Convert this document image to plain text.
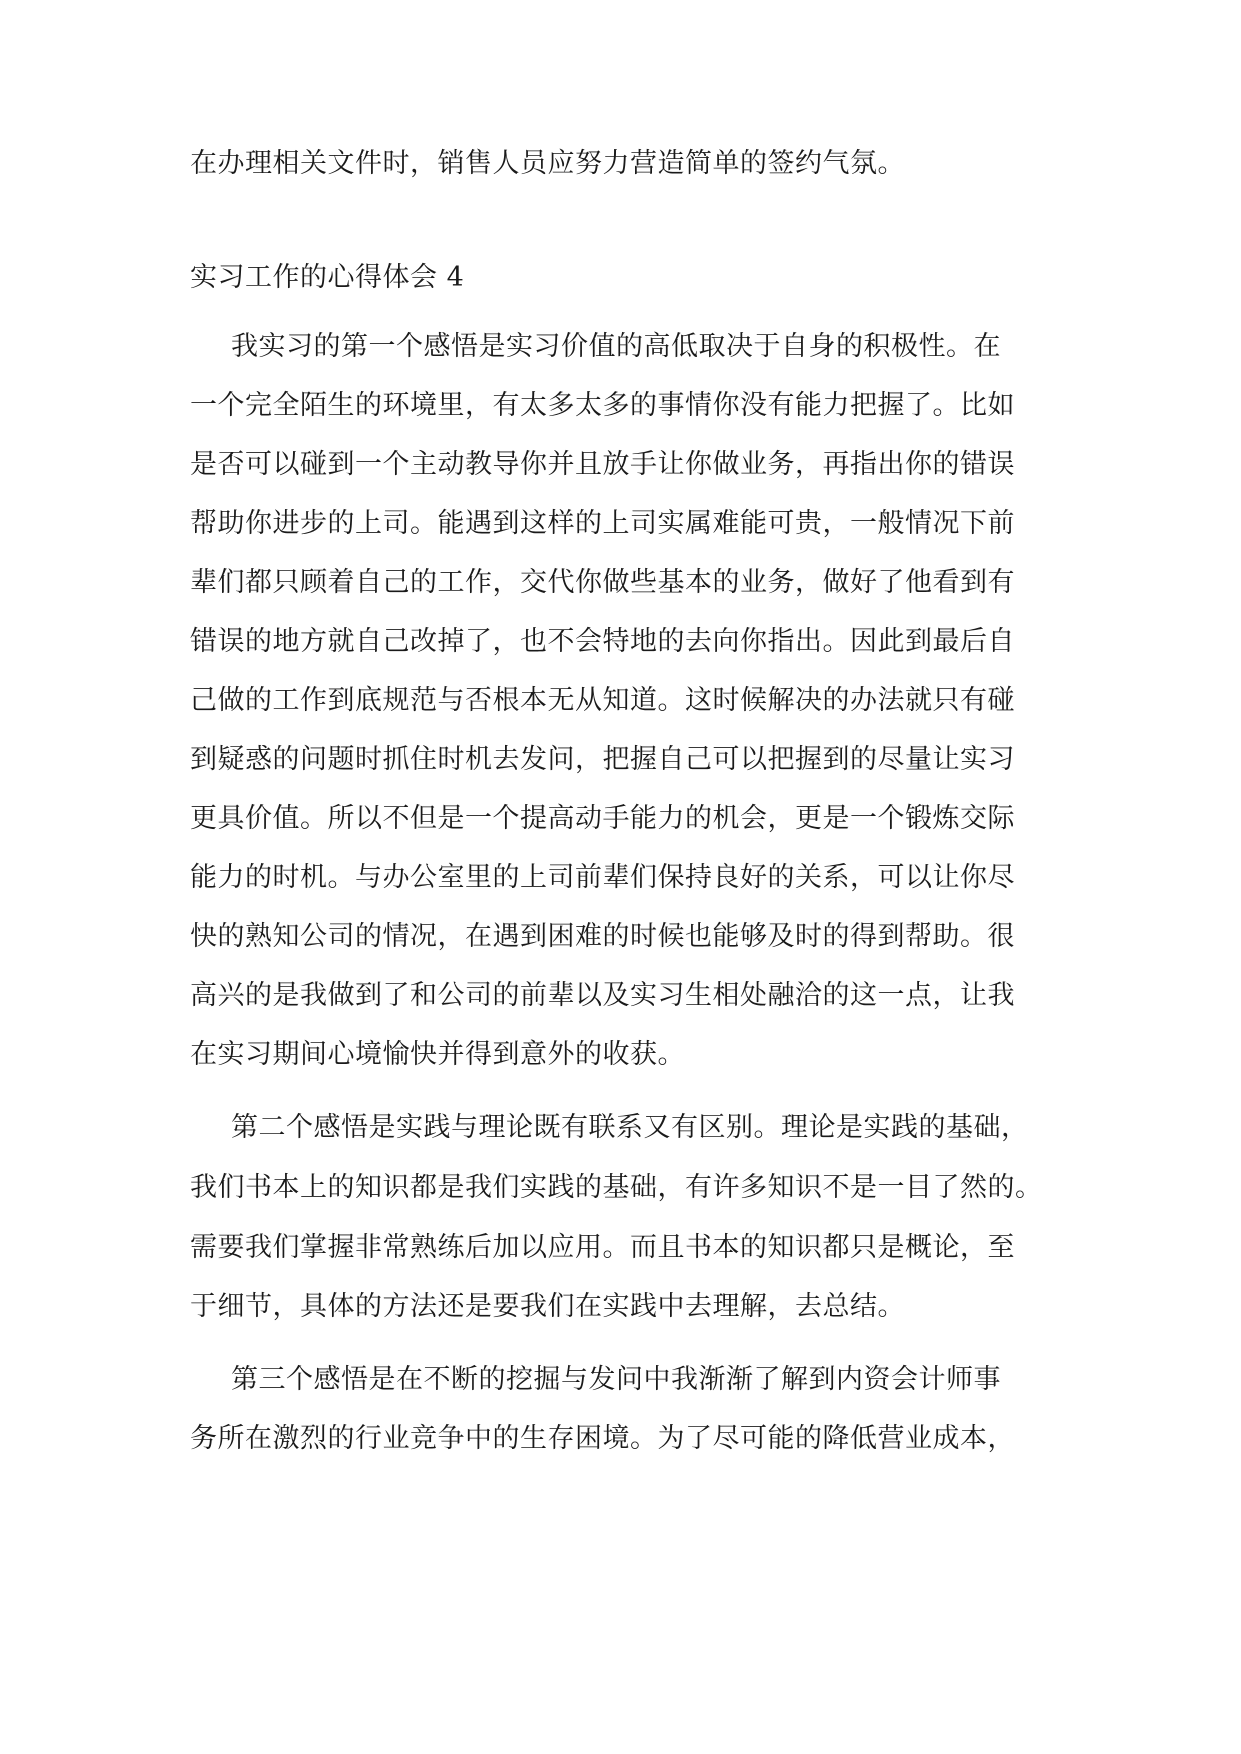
在办理相关文件时，销售人员应努力营造简单的签约气氛。
实习工作的心得体会 4
我实习的第一个感悟是实习价值的高低取决于自身的积极性。在
一个完全陌生的环境里，有太多太多的事情你没有能力把握了。比如
是否可以碰到一个主动教导你并且放手让你做业务，再指出你的错误
帮助你进步的上司。能遇到这样的上司实属难能可贵，一般情况下前
辈们都只顾着自己的工作，交代你做些基本的业务，做好了他看到有
错误的地方就自己改掉了，也不会特地的去向你指出。因此到最后自
己做的工作到底规范与否根本无从知道。这时候解决的办法就只有碰
到疑惑的问题时抓住时机去发问，把握自己可以把握到的尽量让实习
更具价值。所以不但是一个提高动手能力的机会，更是一个锻炼交际
能力的时机。与办公室里的上司前辈们保持良好的关系，可以让你尽
快的熟知公司的情况，在遇到困难的时候也能够及时的得到帮助。很
高兴的是我做到了和公司的前辈以及实习生相处融洽的这一点，让我
在实习期间心境愉快并得到意外的收获。
第二个感悟是实践与理论既有联系又有区别。理论是实践的基础，
我们书本上的知识都是我们实践的基础，有许多知识不是一目了然的。
需要我们掌握非常熟练后加以应用。而且书本的知识都只是概论，至
于细节，具体的方法还是要我们在实践中去理解，去总结。
第三个感悟是在不断的挖掘与发问中我渐渐了解到内资会计师事
务所在激烈的行业竞争中的生存困境。为了尽可能的降低营业成本，
